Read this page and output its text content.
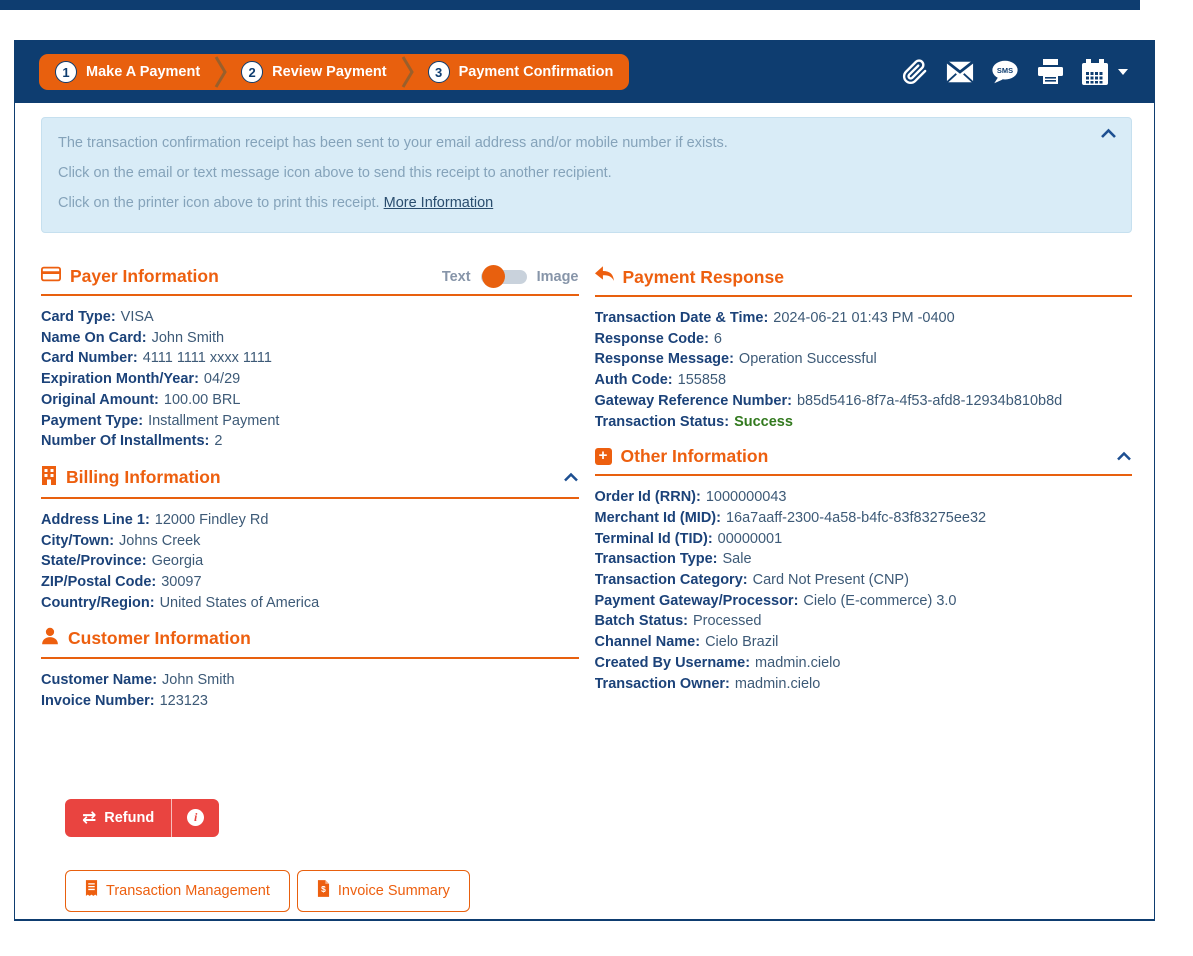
1	Make A Payment	2	Review Payment	3	Payment Confirmation	SMS

The transaction confirmation receipt has been sent to your email address and/or mobile number if exists.

Click on the email or text message icon above to send this receipt to another recipient.

Click on the printer icon above to print this receipt. More Information

Payer Information	Text	Image
Card Type: VISA
Name On Card: John Smith
Card Number: 4111 1111 xxxx 1111
Expiration Month/Year: 04/29
Original Amount: 100.00 BRL
Payment Type: Installment Payment
Number Of Installments: 2
Billing Information
Address Line 1: 12000 Findley Rd
City/Town: Johns Creek
State/Province: Georgia
ZIP/Postal Code: 30097
Country/Region: United States of America
Customer Information
Customer Name: John Smith
Invoice Number: 123123
Payment Response
Transaction Date & Time: 2024-06-21 01:43 PM -0400
Response Code: 6
Response Message: Operation Successful
Auth Code: 155858
Gateway Reference Number: b85d5416-8f7a-4f53-afd8-12934b810b8d
Transaction Status: Success
+ Other Information
Order Id (RRN): 1000000043
Merchant Id (MID): 16a7aaff-2300-4a58-b4fc-83f83275ee32
Terminal Id (TID): 00000001
Transaction Type: Sale
Transaction Category: Card Not Present (CNP)
Payment Gateway/Processor: Cielo (E-commerce) 3.0
Batch Status: Processed
Channel Name: Cielo Brazil
Created By Username: madmin.cielo
Transaction Owner: madmin.cielo
⇄ Refund	i
Transaction Management	$ Invoice Summary
